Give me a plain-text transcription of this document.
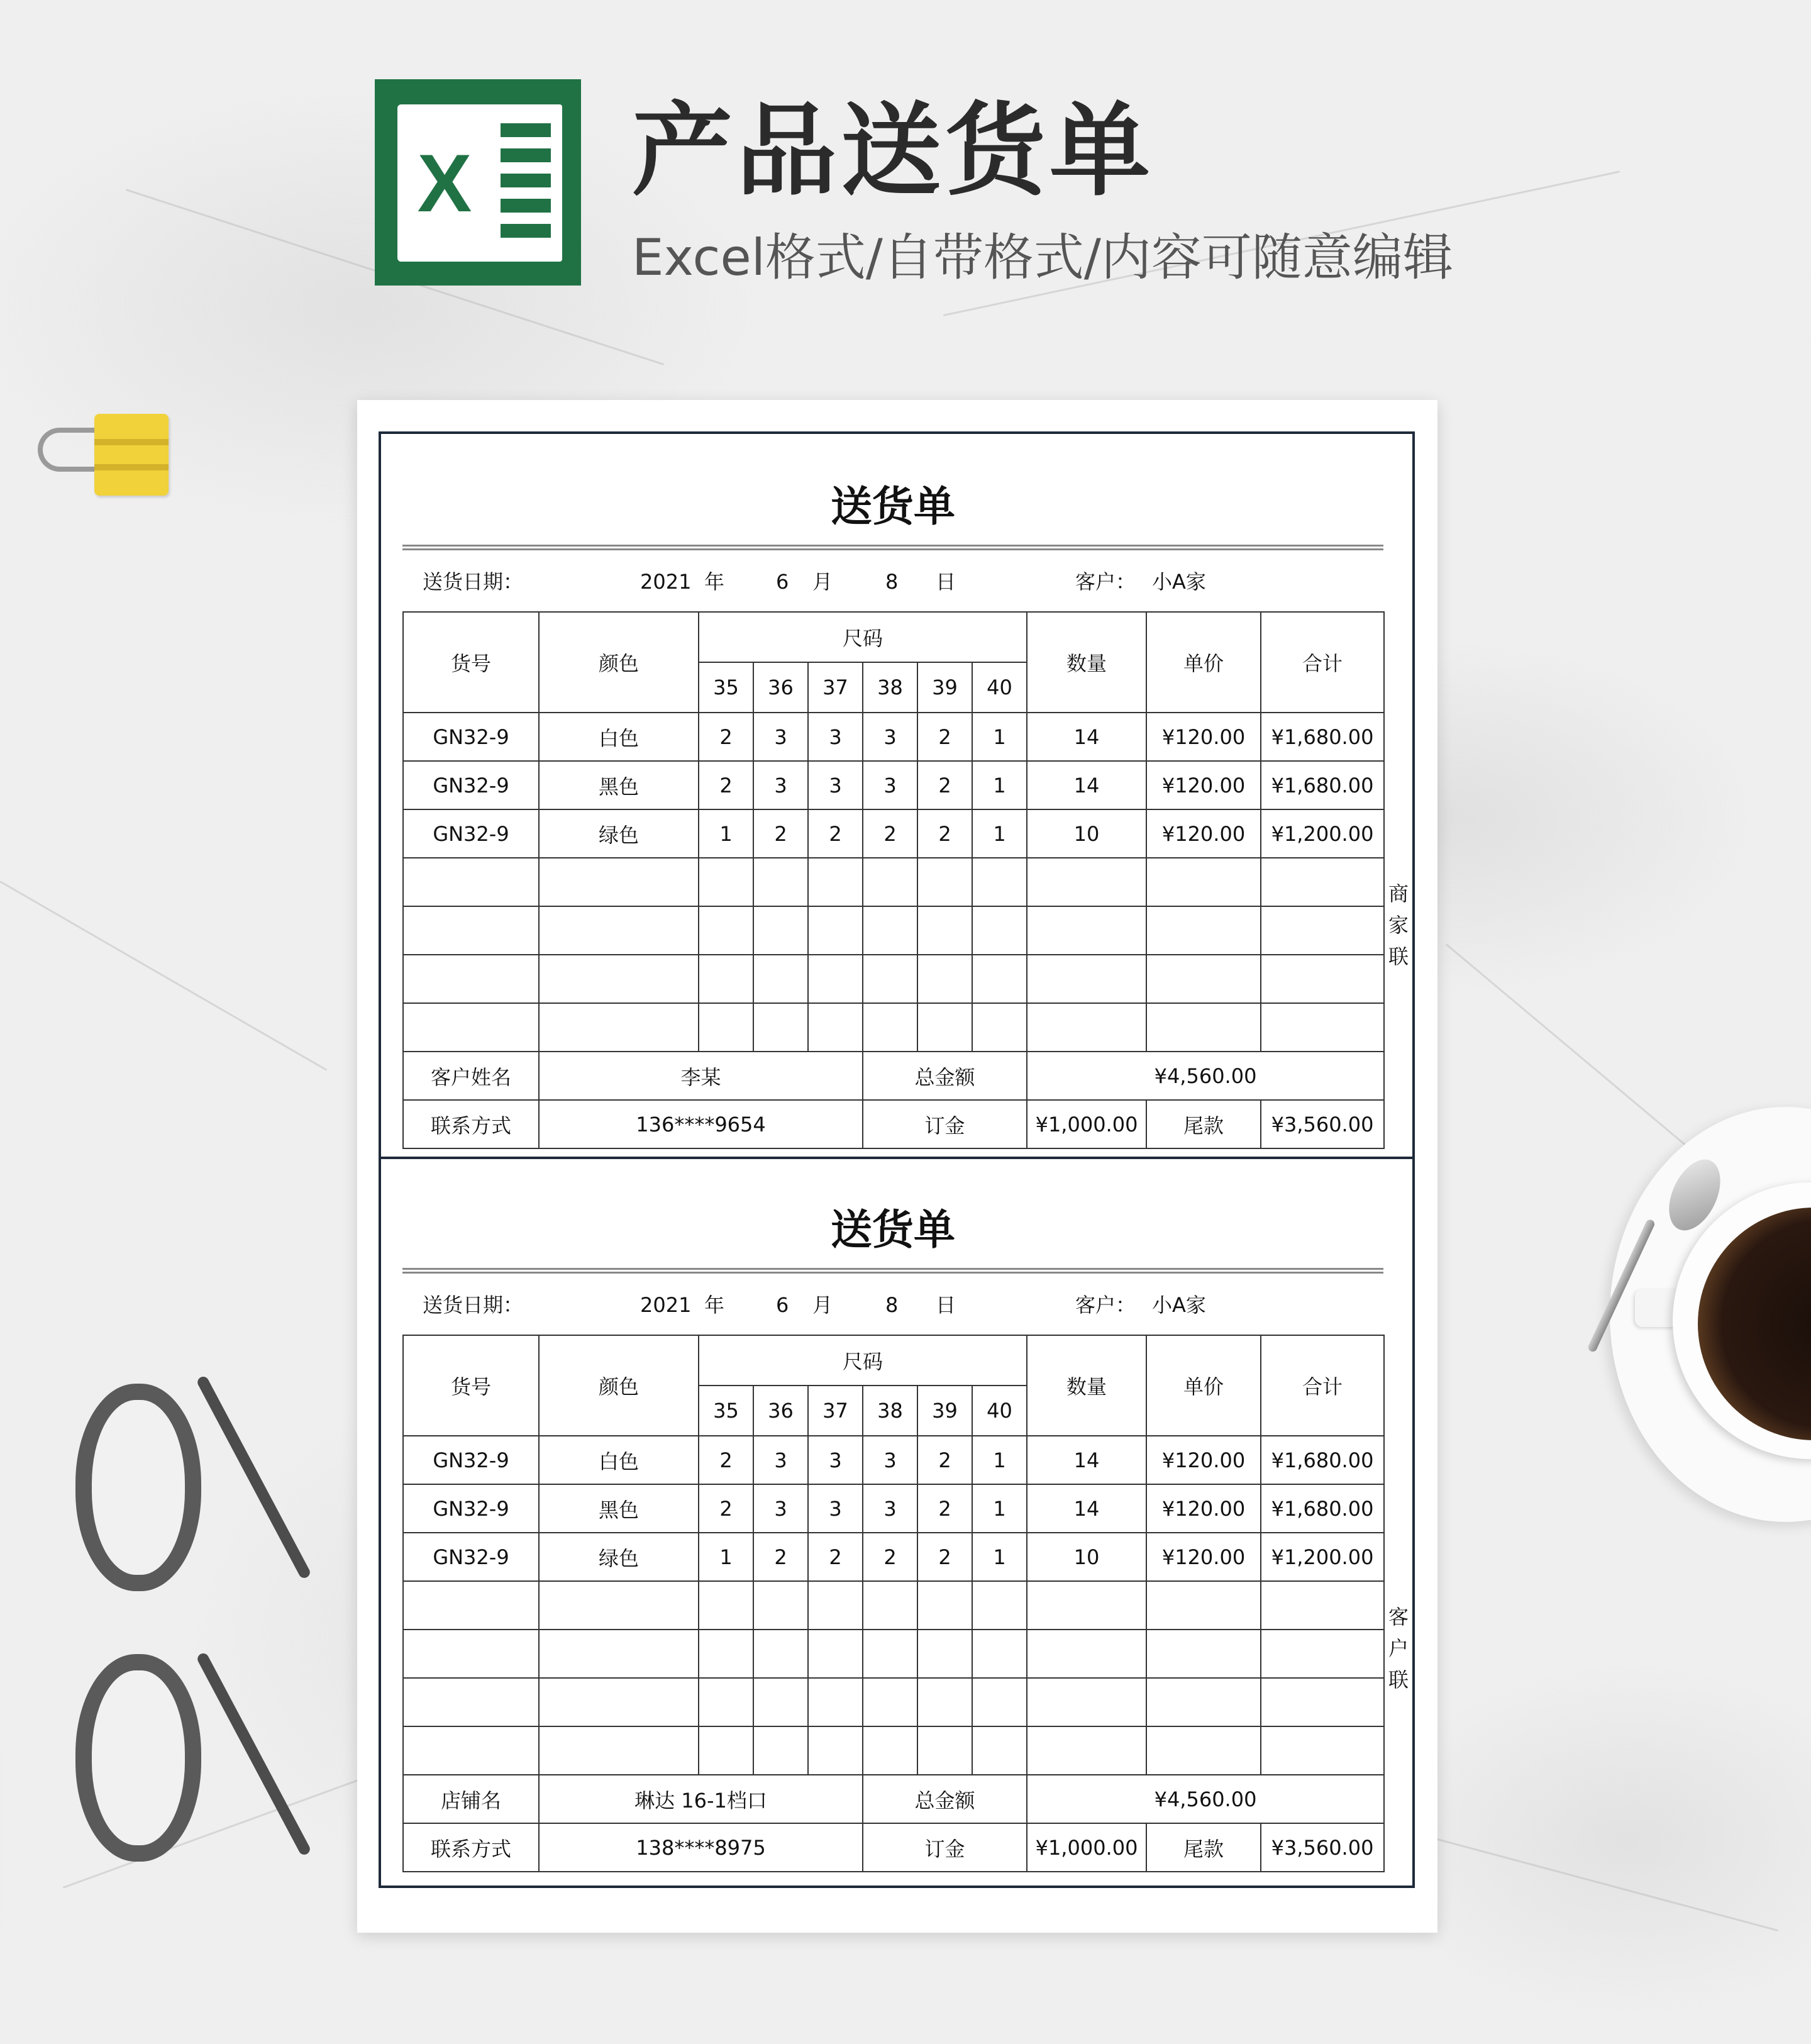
X 产品送货单
Excel格式/自带格式/内容可随意编辑
送货单
送货日期：	2021 年	6 月	8 日	客户： 小A家
货号	颜色	尺码						数量	单价	合计
		35	36	37	38	39	40			
GN32-9	白色	2	3	3	3	2	1	14	¥120.00	¥1,680.00
GN32-9	黑色	2	3	3	3	2	1	14	¥120.00	¥1,680.00
GN32-9	绿色	1	2	2	2	2	1	10	¥120.00	¥1,200.00

客户姓名	李某				总金额			¥4,560.00		
联系方式	136****9654				订金			¥1,000.00	尾款	¥3,560.00
商
家
联
送货单
送货日期：	2021 年	6 月	8 日	客户： 小A家
货号	颜色	尺码						数量	单价	合计
		35	36	37	38	39	40			
GN32-9	白色	2	3	3	3	2	1	14	¥120.00	¥1,680.00
GN32-9	黑色	2	3	3	3	2	1	14	¥120.00	¥1,680.00
GN32-9	绿色	1	2	2	2	2	1	10	¥120.00	¥1,200.00

店铺名	琳达 16-1档口				总金额			¥4,560.00		
联系方式	138****8975				订金			¥1,000.00	尾款	¥3,560.00
客
户
联
